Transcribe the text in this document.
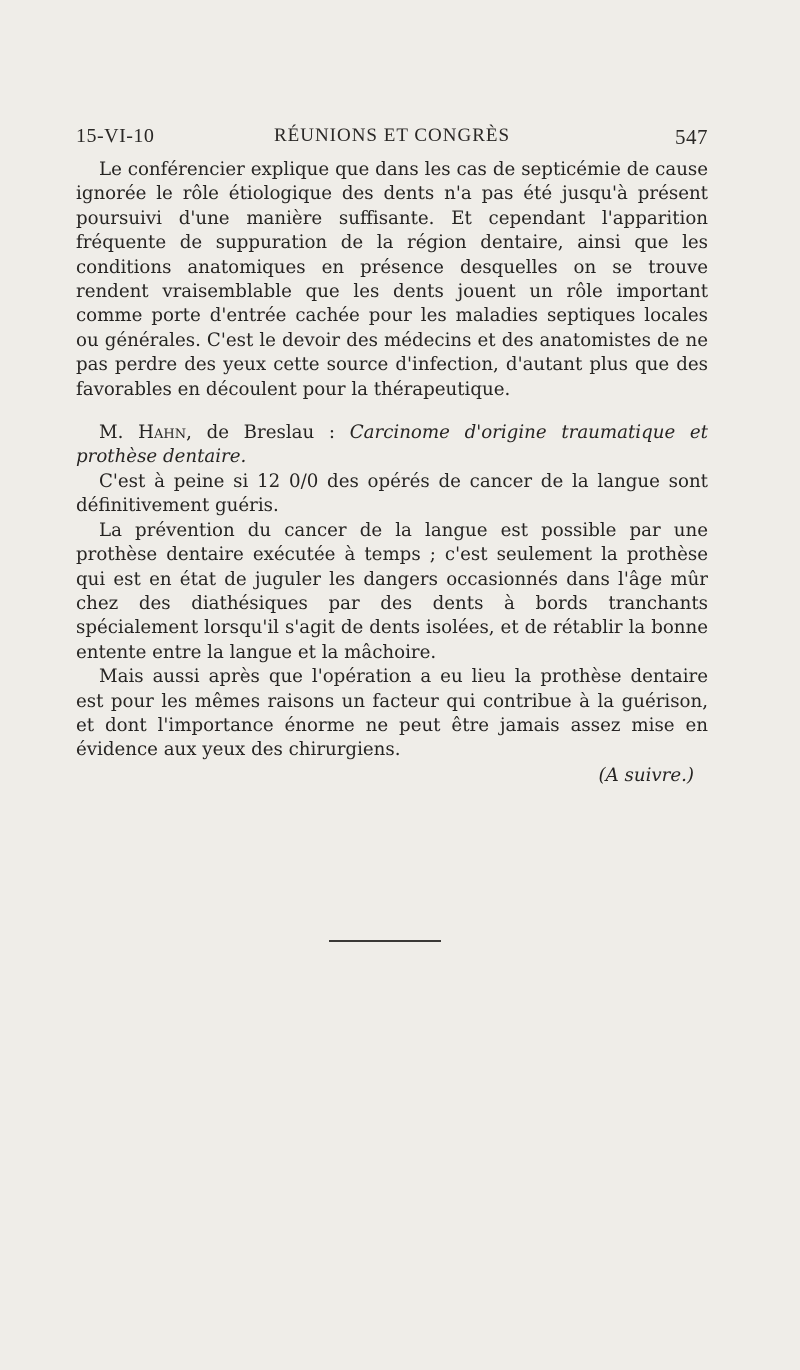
15-VI-10	RÉUNIONS ET CONGRÈS	547

Le conférencier explique que dans les cas de septicémie de cause ignorée le rôle étiologique des dents n'a pas été jusqu'à présent poursuivi d'une manière suffisante. Et cependant l'apparition fréquente de suppuration de la région dentaire, ainsi que les conditions anatomiques en présence desquelles on se trouve rendent vraisemblable que les dents jouent un rôle important comme porte d'entrée cachée pour les maladies septiques locales ou générales. C'est le devoir des médecins et des anatomistes de ne pas perdre des yeux cette source d'infection, d'autant plus que des favorables en découlent pour la thérapeutique.

M. Hahn, de Breslau : Carcinome d'origine traumatique et prothèse dentaire.

C'est à peine si 12 0/0 des opérés de cancer de la langue sont définitivement guéris.

La prévention du cancer de la langue est possible par une prothèse dentaire exécutée à temps ; c'est seulement la prothèse qui est en état de juguler les dangers occasionnés dans l'âge mûr chez des diathésiques par des dents à bords tranchants spécialement lorsqu'il s'agit de dents isolées, et de rétablir la bonne entente entre la langue et la mâchoire.

Mais aussi après que l'opération a eu lieu la prothèse dentaire est pour les mêmes raisons un facteur qui contribue à la guérison, et dont l'importance énorme ne peut être jamais assez mise en évidence aux yeux des chirurgiens.

(A suivre.)
